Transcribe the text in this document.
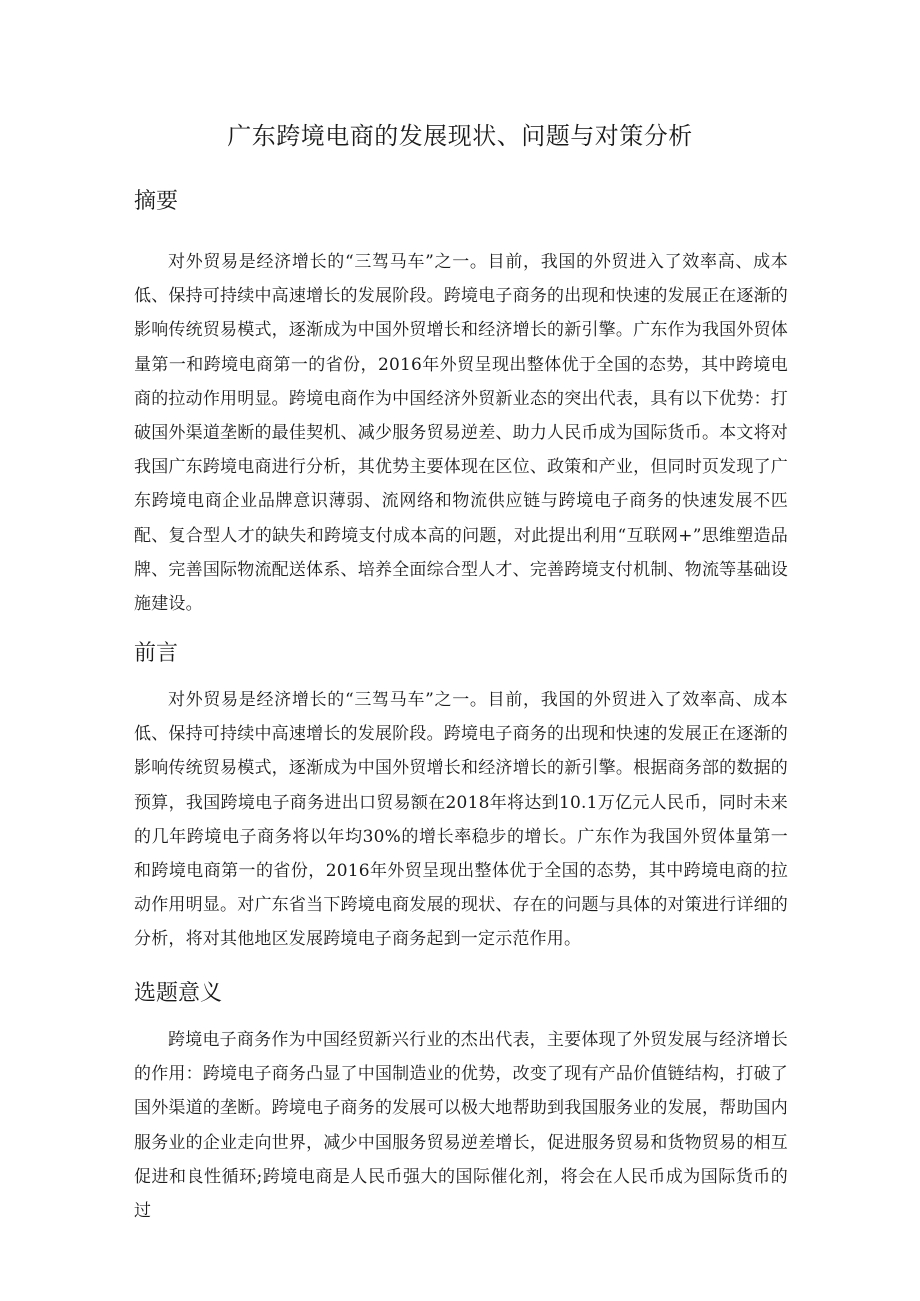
广东跨境电商的发展现状、问题与对策分析
摘要

对外贸易是经济增长的“三驾马车”之一。目前，我国的外贸进入了效率高、成本低、保持可持续中高速增长的发展阶段。跨境电子商务的出现和快速的发展正在逐渐的影响传统贸易模式，逐渐成为中国外贸增长和经济增长的新引擎。广东作为我国外贸体量第一和跨境电商第一的省份，2016年外贸呈现出整体优于全国的态势，其中跨境电商的拉动作用明显。跨境电商作为中国经济外贸新业态的突出代表，具有以下优势：打破国外渠道垄断的最佳契机、减少服务贸易逆差、助力人民币成为国际货币。本文将对我国广东跨境电商进行分析，其优势主要体现在区位、政策和产业，但同时页发现了广东跨境电商企业品牌意识薄弱、流网络和物流供应链与跨境电子商务的快速发展不匹配、复合型人才的缺失和跨境支付成本高的问题，对此提出利用“互联网+”思维塑造品牌、完善国际物流配送体系、培养全面综合型人才、完善跨境支付机制、物流等基础设施建设。

前言

对外贸易是经济增长的“三驾马车”之一。目前，我国的外贸进入了效率高、成本低、保持可持续中高速增长的发展阶段。跨境电子商务的出现和快速的发展正在逐渐的影响传统贸易模式，逐渐成为中国外贸增长和经济增长的新引擎。根据商务部的数据的预算，我国跨境电子商务进出口贸易额在2018年将达到10.1万亿元人民币，同时未来的几年跨境电子商务将以年均30%的增长率稳步的增长。广东作为我国外贸体量第一和跨境电商第一的省份，2016年外贸呈现出整体优于全国的态势，其中跨境电商的拉动作用明显。对广东省当下跨境电商发展的现状、存在的问题与具体的对策进行详细的分析，将对其他地区发展跨境电子商务起到一定示范作用。

选题意义

跨境电子商务作为中国经贸新兴行业的杰出代表，主要体现了外贸发展与经济增长的作用：跨境电子商务凸显了中国制造业的优势，改变了现有产品价值链结构，打破了国外渠道的垄断。跨境电子商务的发展可以极大地帮助到我国服务业的发展，帮助国内服务业的企业走向世界，减少中国服务贸易逆差增长，促进服务贸易和货物贸易的相互促进和良性循环;跨境电商是人民币强大的国际催化剂，将会在人民币成为国际货币的过
